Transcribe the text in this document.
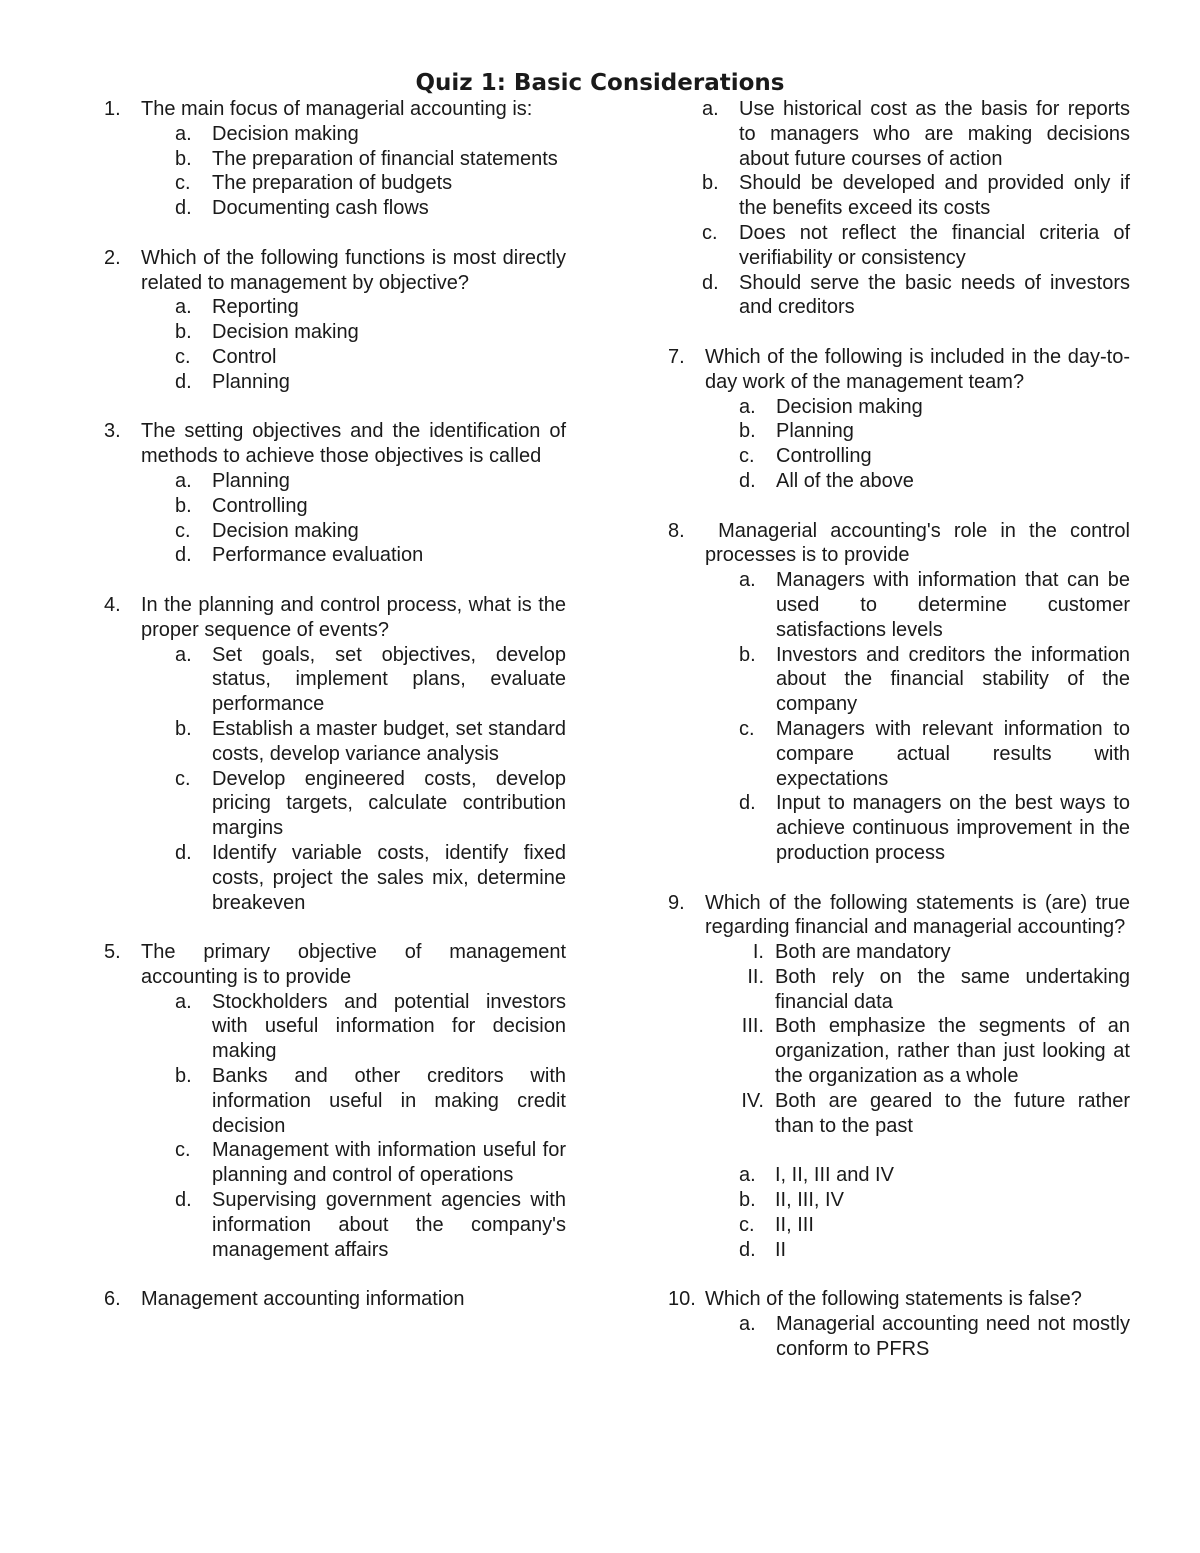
Quiz 1: Basic Considerations
1.	The main focus of managerial accounting is:
a.	Decision making
b.	The preparation of financial statements
c.	The preparation of budgets
d.	Documenting cash flows
2.	Which of the following functions is most directly related to management by objective?
a.	Reporting
b.	Decision making
c.	Control
d.	Planning
3.	The setting objectives and the identification of methods to achieve those objectives is called
a.	Planning
b.	Controlling
c.	Decision making
d.	Performance evaluation
4.	In the planning and control process, what is the proper sequence of events?
a.	Set goals, set objectives, develop status, implement plans, evaluate performance
b.	Establish a master budget, set standard costs, develop variance analysis
c.	Develop engineered costs, develop pricing targets, calculate contribution margins
d.	Identify variable costs, identify fixed costs, project the sales mix, determine breakeven
5.	The primary objective of management accounting is to provide
a.	Stockholders and potential investors with useful information for decision making
b.	Banks and other creditors with information useful in making credit decision
c.	Management with information useful for planning and control of operations
d.	Supervising government agencies with information about the company's management affairs
6.	Management accounting information
a.	Use historical cost as the basis for reports to managers who are making decisions about future courses of action
b.	Should be developed and provided only if the benefits exceed its costs
c.	Does not reflect the financial criteria of verifiability or consistency
d.	Should serve the basic needs of investors and creditors
7.	Which of the following is included in the day-to-day work of the management team?
a.	Decision making
b.	Planning
c.	Controlling
d.	All of the above
8.	Managerial accounting's role in the control processes is to provide
a.	Managers with information that can be used to determine customer satisfactions levels
b.	Investors and creditors the information about the financial stability of the company
c.	Managers with relevant information to compare actual results with expectations
d.	Input to managers on the best ways to achieve continuous improvement in the production process
9.	Which of the following statements is (are) true regarding financial and managerial accounting?
I. Both are mandatory
II. Both rely on the same undertaking financial data
III. Both emphasize the segments of an organization, rather than just looking at the organization as a whole
IV. Both are geared to the future rather than to the past
a. I, II, III and IV
b. II, III, IV
c.	II, III
d. II
10. Which of the following statements is false?
a.	Managerial accounting need not mostly conform to PFRS
